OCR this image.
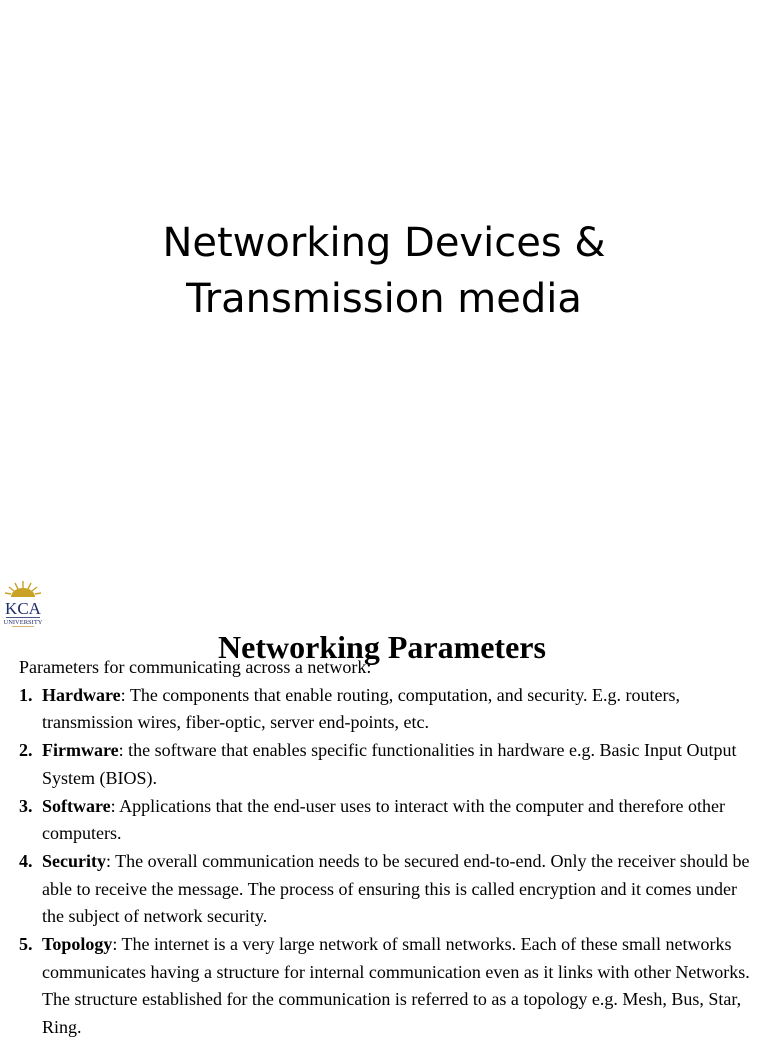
Networking Devices &
Transmission media
KCA
UNIVERSITY
Networking Parameters

Parameters for communicating across a network:

1. Hardware: The components that enable routing, computation, and security. E.g. routers, transmission wires, fiber-optic, server end-points, etc.
2. Firmware: the software that enables specific functionalities in hardware e.g. Basic Input Output System (BIOS).
3. Software: Applications that the end-user uses to interact with the computer and therefore other computers.
4. Security: The overall communication needs to be secured end-to-end. Only the receiver should be able to receive the message. The process of ensuring this is called encryption and it comes under the subject of network security.
5. Topology: The internet is a very large network of small networks. Each of these small networks communicates having a structure for internal communication even as it links with other Networks. The structure established for the communication is referred to as a topology e.g. Mesh, Bus, Star, Ring.
